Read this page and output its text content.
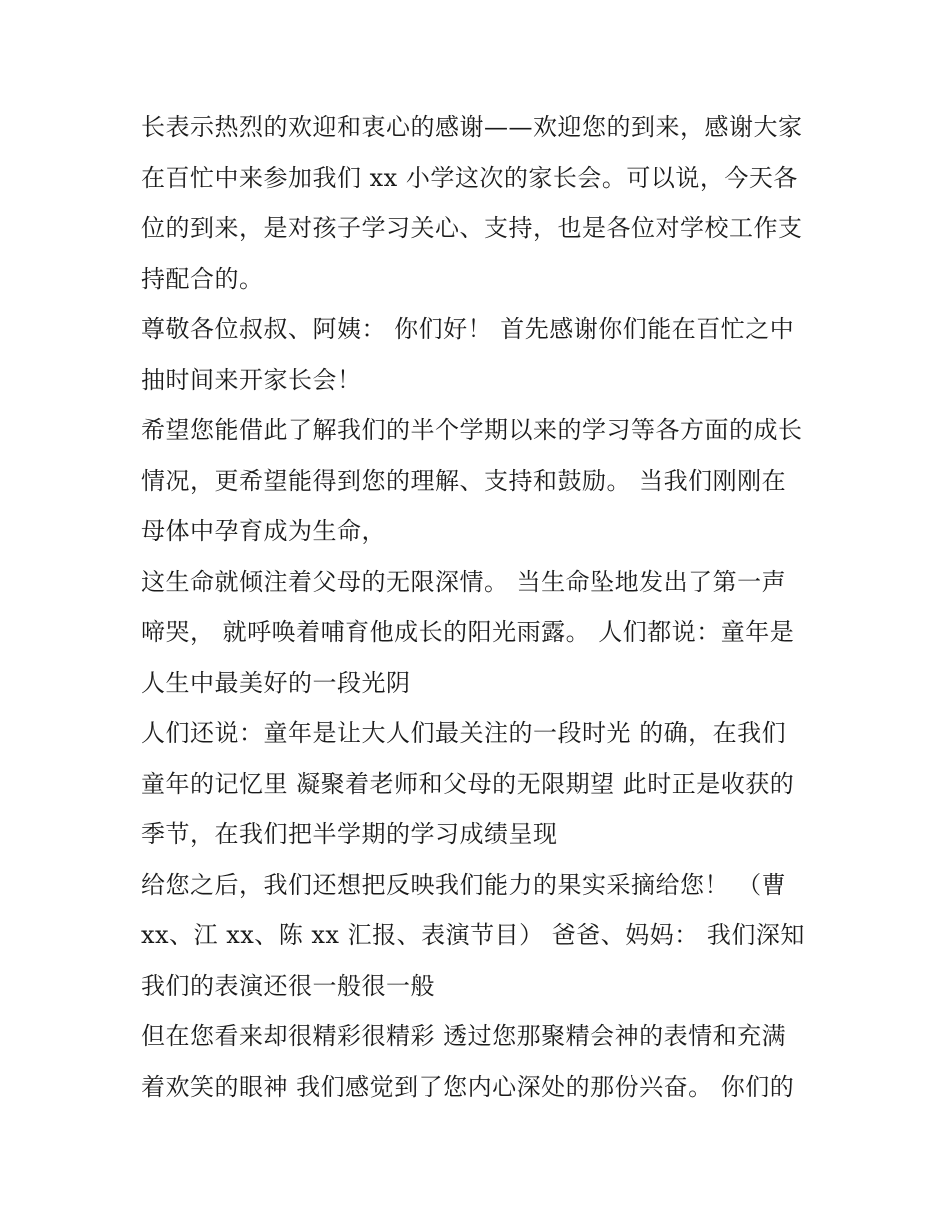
长表示热烈的欢迎和衷心的感谢——欢迎您的到来，感谢大家
在百忙中来参加我们 xx 小学这次的家长会。可以说，今天各
位的到来，是对孩子学习关心、支持，也是各位对学校工作支
持配合的。
尊敬各位叔叔、阿姨： 你们好！ 首先感谢你们能在百忙之中
抽时间来开家长会！
希望您能借此了解我们的半个学期以来的学习等各方面的成长
情况，更希望能得到您的理解、支持和鼓励。 当我们刚刚在
母体中孕育成为生命，
这生命就倾注着父母的无限深情。 当生命坠地发出了第一声
啼哭， 就呼唤着哺育他成长的阳光雨露。 人们都说：童年是
人生中最美好的一段光阴
人们还说：童年是让大人们最关注的一段时光 的确，在我们
童年的记忆里 凝聚着老师和父母的无限期望 此时正是收获的
季节，在我们把半学期的学习成绩呈现
给您之后，我们还想把反映我们能力的果实采摘给您！ （曹
xx、江 xx、陈 xx 汇报、表演节目） 爸爸、妈妈： 我们深知
我们的表演还很一般很一般
但在您看来却很精彩很精彩 透过您那聚精会神的表情和充满
着欢笑的眼神 我们感觉到了您内心深处的那份兴奋。 你们的
